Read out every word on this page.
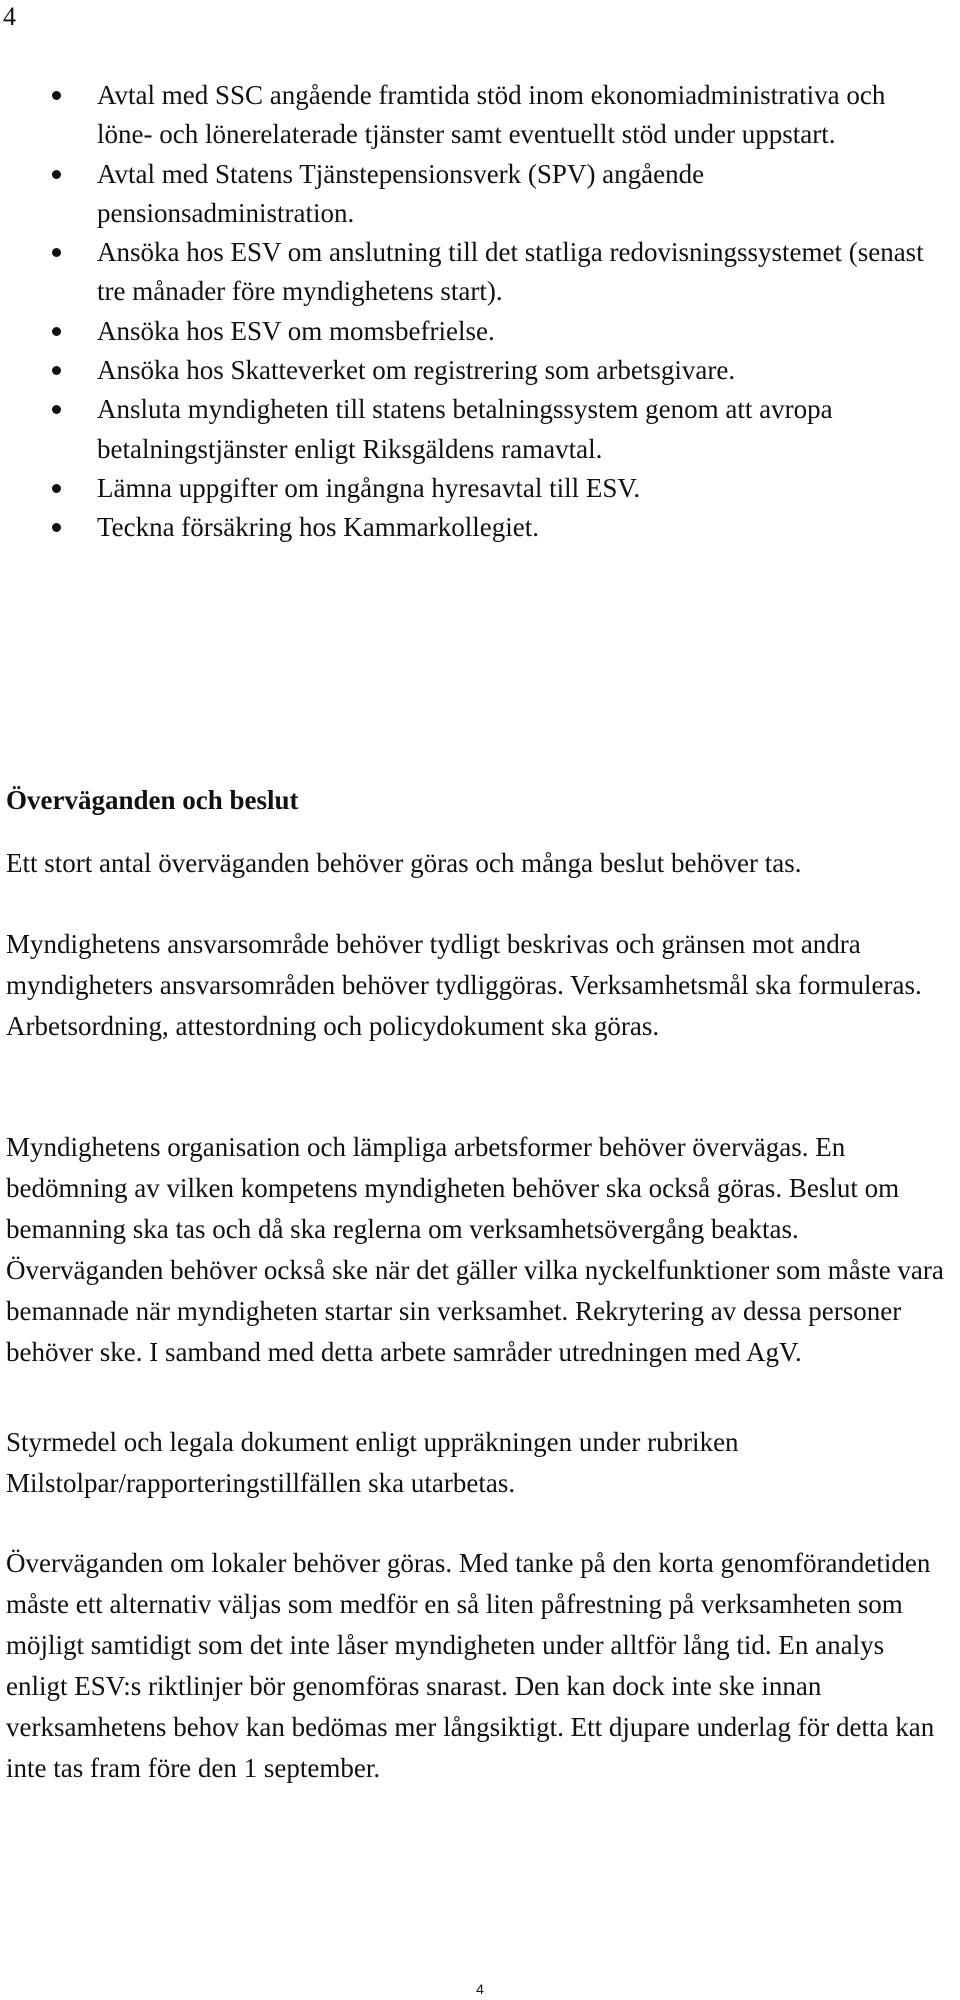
4
Avtal med SSC angående framtida stöd inom ekonomiadministrativa och löne- och lönerelaterade tjänster samt eventuellt stöd under uppstart.
Avtal med Statens Tjänstepensionsverk (SPV) angående pensionsadministration.
Ansöka hos ESV om anslutning till det statliga redovisningssystemet (senast tre månader före myndighetens start).
Ansöka hos ESV om momsbefrielse.
Ansöka hos Skatteverket om registrering som arbetsgivare.
Ansluta myndigheten till statens betalningssystem genom att avropa betalningstjänster enligt Riksgäldens ramavtal.
Lämna uppgifter om ingångna hyresavtal till ESV.
Teckna försäkring hos Kammarkollegiet.
Överväganden och beslut

Ett stort antal överväganden behöver göras och många beslut behöver tas.

Myndighetens ansvarsområde behöver tydligt beskrivas och gränsen mot andra myndigheters ansvarsområden behöver tydliggöras. Verksamhetsmål ska formuleras. Arbetsordning, attestordning och policydokument ska göras.

Myndighetens organisation och lämpliga arbetsformer behöver övervägas. En bedömning av vilken kompetens myndigheten behöver ska också göras. Beslut om bemanning ska tas och då ska reglerna om verksamhetsövergång beaktas. Överväganden behöver också ske när det gäller vilka nyckelfunktioner som måste vara bemannade när myndigheten startar sin verksamhet. Rekrytering av dessa personer behöver ske. I samband med detta arbete samråder utredningen med AgV.

Styrmedel och legala dokument enligt uppräkningen under rubriken Milstolpar/rapporteringstillfällen ska utarbetas.

Överväganden om lokaler behöver göras. Med tanke på den korta genomförandetiden måste ett alternativ väljas som medför en så liten påfrestning på verksamheten som möjligt samtidigt som det inte låser myndigheten under alltför lång tid. En analys enligt ESV:s riktlinjer bör genomföras snarast. Den kan dock inte ske innan verksamhetens behov kan bedömas mer långsiktigt. Ett djupare underlag för detta kan inte tas fram före den 1 september.

4
